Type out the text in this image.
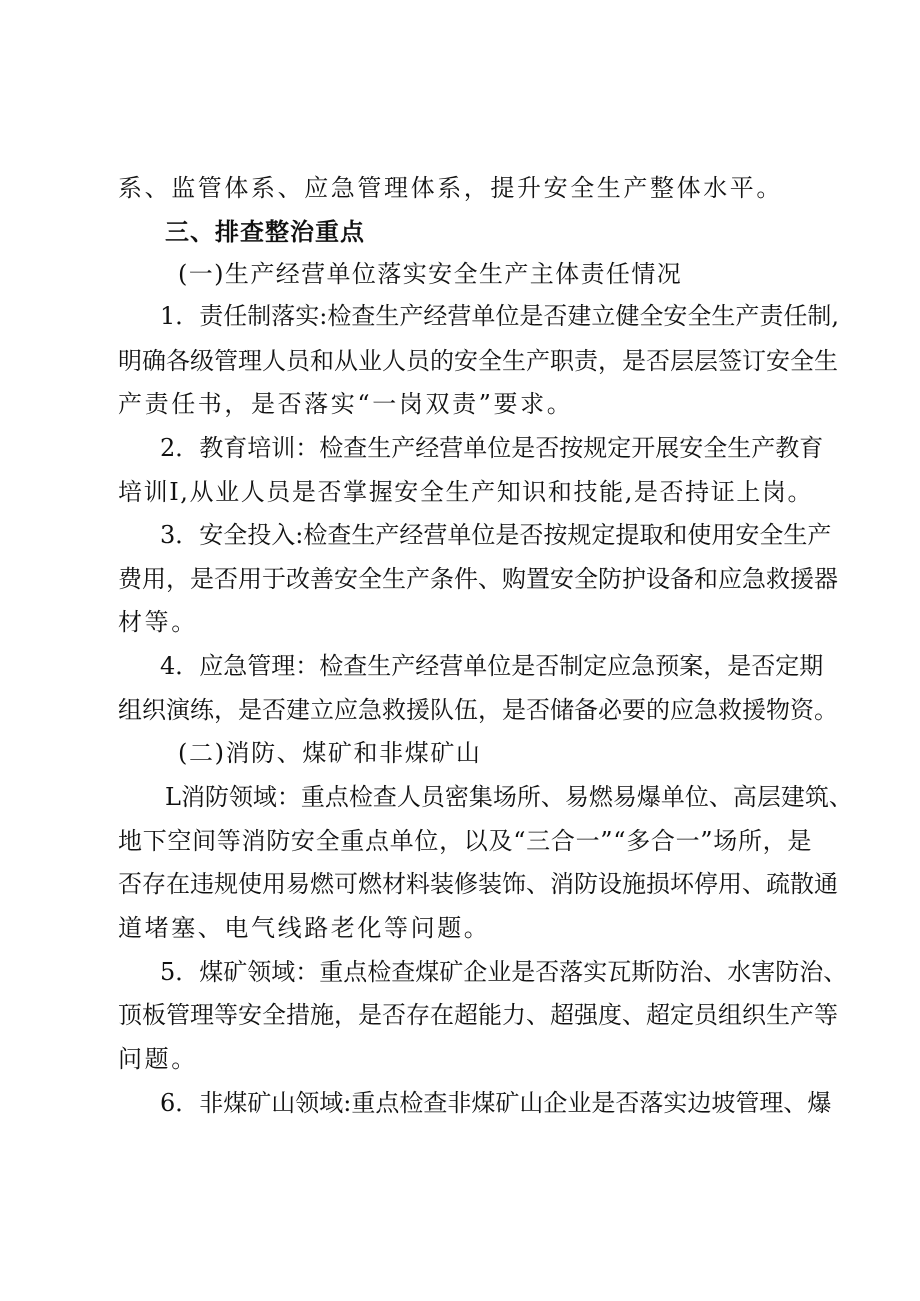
系、监管体系、应急管理体系，提升安全生产整体水平。
三、排查整治重点
(一)生产经营单位落实安全生产主体责任情况
1．责任制落实:检查生产经营单位是否建立健全安全生产责任制,
明确各级管理人员和从业人员的安全生产职责，是否层层签订安全生
产责任书，是否落实“一岗双责”要求。
2．教育培训：检查生产经营单位是否按规定开展安全生产教育
培训I,从业人员是否掌握安全生产知识和技能,是否持证上岗。
3．安全投入:检查生产经营单位是否按规定提取和使用安全生产
费用，是否用于改善安全生产条件、购置安全防护设备和应急救援器
材等。
4．应急管理：检查生产经营单位是否制定应急预案，是否定期
组织演练，是否建立应急救援队伍，是否储备必要的应急救援物资。
(二)消防、煤矿和非煤矿山
L消防领域：重点检查人员密集场所、易燃易爆单位、高层建筑、
地下空间等消防安全重点单位，以及“三合一”“多合一”场所，是
否存在违规使用易燃可燃材料装修装饰、消防设施损坏停用、疏散通
道堵塞、电气线路老化等问题。
5．煤矿领域：重点检查煤矿企业是否落实瓦斯防治、水害防治、
顶板管理等安全措施，是否存在超能力、超强度、超定员组织生产等
问题。
6．非煤矿山领域:重点检查非煤矿山企业是否落实边坡管理、爆
